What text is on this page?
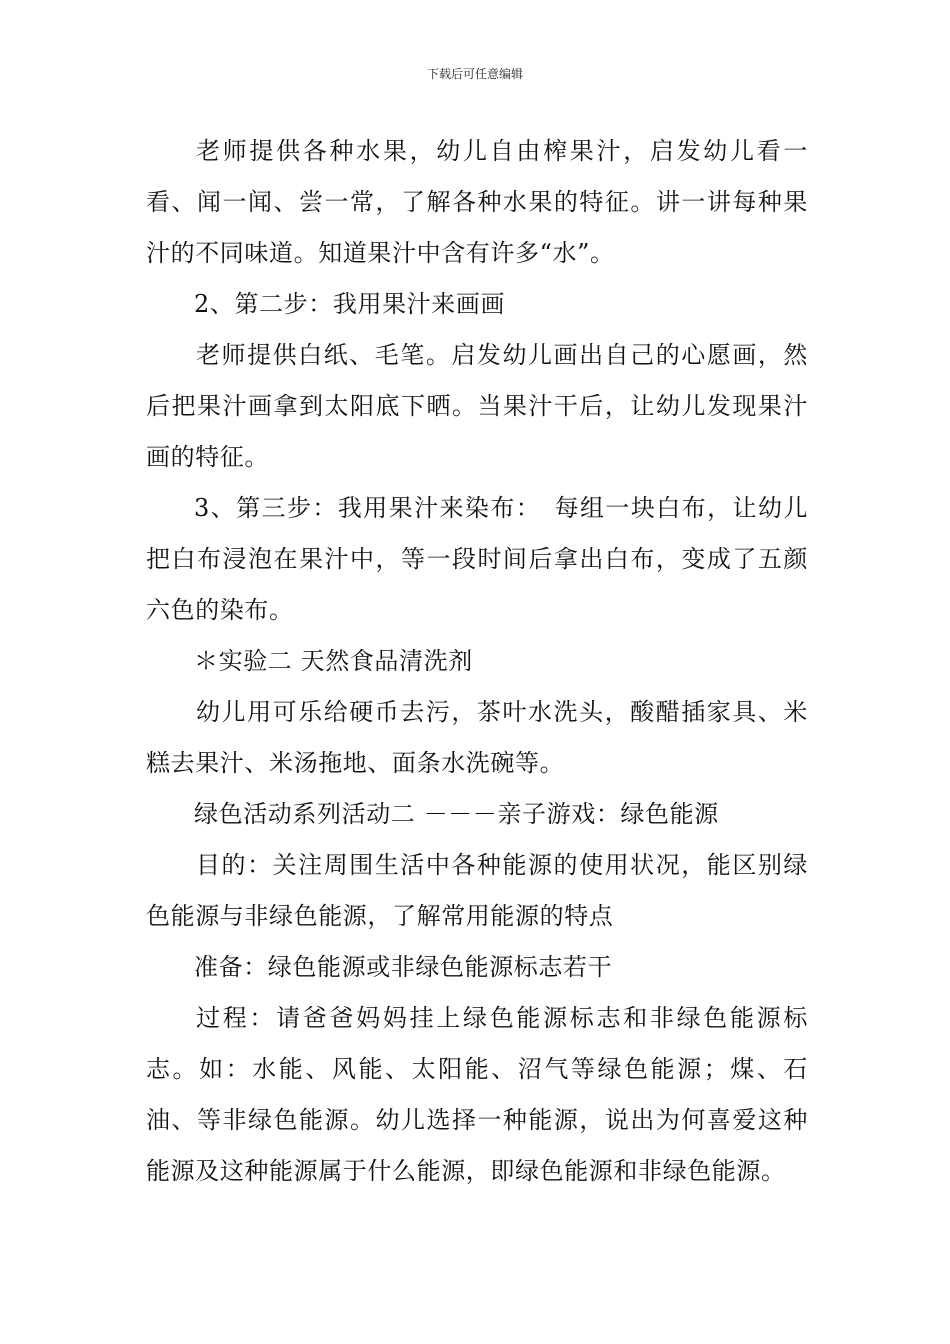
下载后可任意编辑

老师提供各种水果，幼儿自由榨果汁，启发幼儿看一看、闻一闻、尝一常，了解各种水果的特征。讲一讲每种果汁的不同味道。知道果汁中含有许多“水”。

2、第二步：我用果汁来画画

老师提供白纸、毛笔。启发幼儿画出自己的心愿画，然后把果汁画拿到太阳底下晒。当果汁干后，让幼儿发现果汁画的特征。

3、第三步：我用果汁来染布：　每组一块白布，让幼儿把白布浸泡在果汁中，等一段时间后拿出白布，变成了五颜六色的染布。

＊实验二 天然食品清洗剂

幼儿用可乐给硬币去污，茶叶水洗头，酸醋插家具、米糕去果汁、米汤拖地、面条水洗碗等。

绿色活动系列活动二 －－－亲子游戏：绿色能源

目的：关注周围生活中各种能源的使用状况，能区别绿色能源与非绿色能源，了解常用能源的特点

准备：绿色能源或非绿色能源标志若干

过程：请爸爸妈妈挂上绿色能源标志和非绿色能源标志。如：水能、风能、太阳能、沼气等绿色能源；煤、石油、等非绿色能源。幼儿选择一种能源，说出为何喜爱这种能源及这种能源属于什么能源，即绿色能源和非绿色能源。
